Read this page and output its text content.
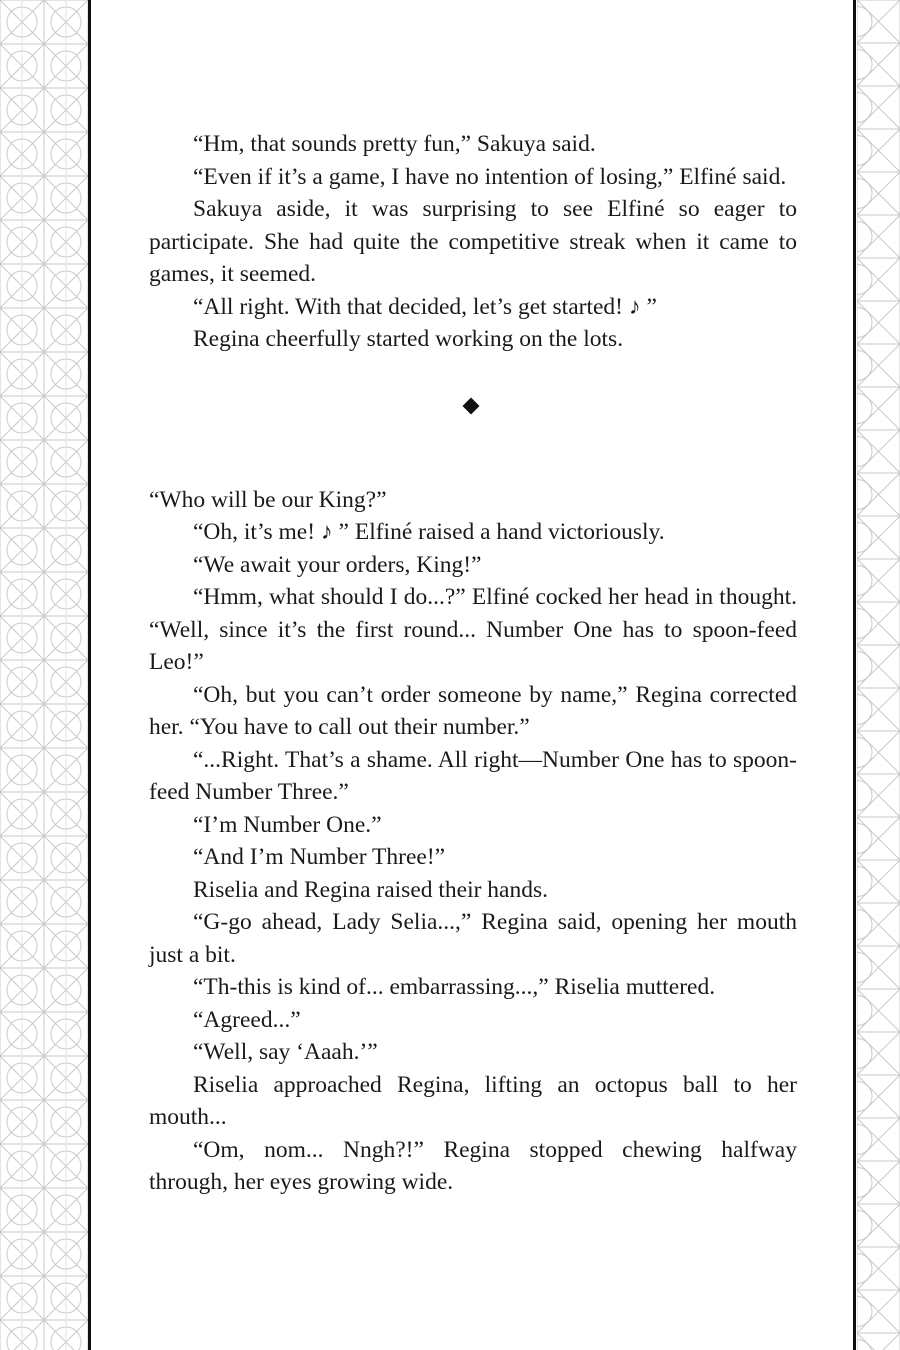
“Hm, that sounds pretty fun,” Sakuya said.

“Even if it’s a game, I have no intention of losing,” Elfiné said.

Sakuya aside, it was surprising to see Elfiné so eager to participate. She had quite the competitive streak when it came to games, it seemed.

“All right. With that decided, let’s get started! ♪ ”

Regina cheerfully started working on the lots.

“Who will be our King?”

“Oh, it’s me! ♪ ” Elfiné raised a hand victoriously.

“We await your orders, King!”

“Hmm, what should I do...?” Elfiné cocked her head in thought. “Well, since it’s the first round... Number One has to spoon-feed Leo!”

“Oh, but you can’t order someone by name,” Regina corrected her. “You have to call out their number.”

“...Right. That’s a shame. All right—Number One has to spoon-feed Number Three.”

“I’m Number One.”

“And I’m Number Three!”

Riselia and Regina raised their hands.

“G-go ahead, Lady Selia...,” Regina said, opening her mouth just a bit.

“Th-this is kind of... embarrassing...,” Riselia muttered.

“Agreed...”

“Well, say ‘Aaah.’”

Riselia approached Regina, lifting an octopus ball to her mouth...

“Om, nom... Nngh?!” Regina stopped chewing halfway through, her eyes growing wide.
